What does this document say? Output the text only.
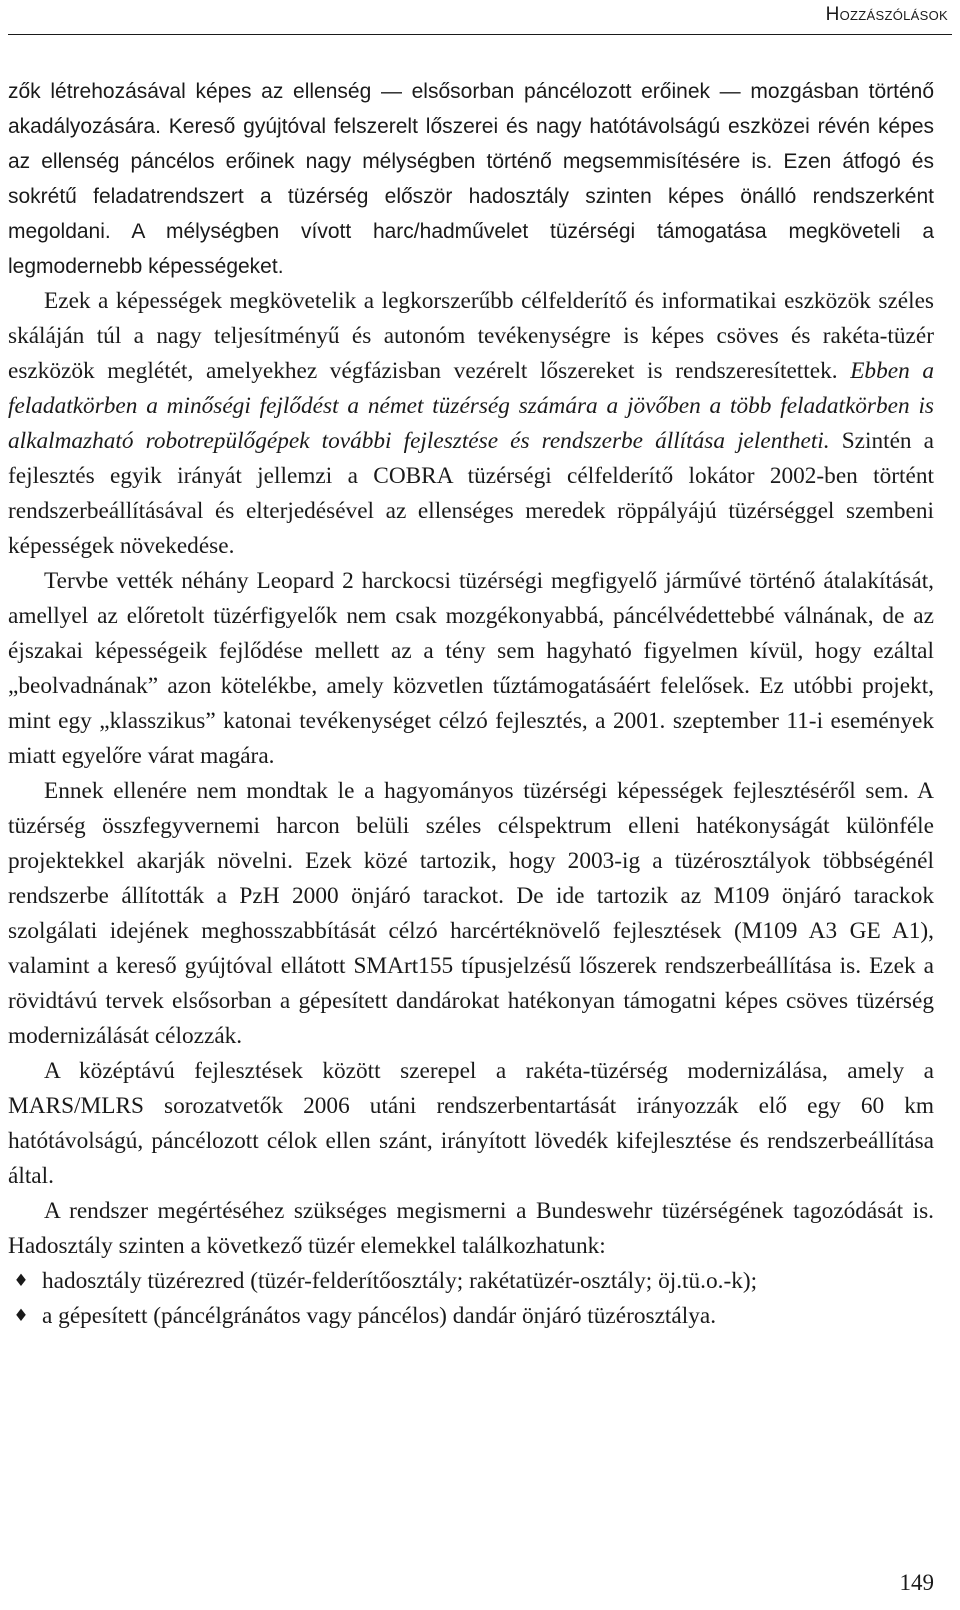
Hozzászólások

zők létrehozásával képes az ellenség — elsősorban páncélozott erőinek — mozgásban történő akadályozására. Kereső gyújtóval felszerelt lőszerei és nagy hatótávolságú eszközei révén képes az ellenség páncélos erőinek nagy mélységben történő megsemmisítésére is. Ezen átfogó és sokrétű feladatrendszert a tüzérség először hadosztály szinten képes önálló rendszerként megoldani. A mélységben vívott harc/hadművelet tüzérségi támogatása megköveteli a legmodernebb képességeket.

Ezek a képességek megkövetelik a legkorszerűbb célfelderítő és informatikai eszközök széles skáláján túl a nagy teljesítményű és autonóm tevékenységre is képes csöves és rakéta-tüzér eszközök meglétét, amelyekhez végfázisban vezérelt lőszereket is rendszeresítettek. Ebben a feladatkörben a minőségi fejlődést a német tüzérség számára a jövőben a több feladatkörben is alkalmazható robotrepülőgépek további fejlesztése és rendszerbe állítása jelentheti. Szintén a fejlesztés egyik irányát jellemzi a COBRA tüzérségi célfelderítő lokátor 2002-ben történt rendszerbeállításával és elterjedésével az ellenséges meredek röppályájú tüzérséggel szembeni képességek növekedése.

Tervbe vették néhány Leopard 2 harckocsi tüzérségi megfigyelő járművé történő átalakítását, amellyel az előretolt tüzérfigyelők nem csak mozgékonyabbá, páncélvédettebbé válnának, de az éjszakai képességeik fejlődése mellett az a tény sem hagyható figyelmen kívül, hogy ezáltal „beolvadnának” azon kötelékbe, amely közvetlen tűztámogatásáért felelősek. Ez utóbbi projekt, mint egy „klasszikus” katonai tevékenységet célzó fejlesztés, a 2001. szeptember 11-i események miatt egyelőre várat magára.

Ennek ellenére nem mondtak le a hagyományos tüzérségi képességek fejlesztéséről sem. A tüzérség összfegyvernemi harcon belüli széles célspektrum elleni hatékonyságát különféle projektekkel akarják növelni. Ezek közé tartozik, hogy 2003-ig a tüzérosztályok többségénél rendszerbe állították a PzH 2000 önjáró tarackot. De ide tartozik az M109 önjáró tarackok szolgálati idejének meghosszabbítását célzó harcértéknövelő fejlesztések (M109 A3 GE A1), valamint a kereső gyújtóval ellátott SMArt155 típusjelzésű lőszerek rendszerbeállítása is. Ezek a rövidtávú tervek elsősorban a gépesített dandárokat hatékonyan támogatni képes csöves tüzérség modernizálását célozzák.

A középtávú fejlesztések között szerepel a rakéta-tüzérség modernizálása, amely a MARS/MLRS sorozatvetők 2006 utáni rendszerbentartását irányozzák elő egy 60 km hatótávolságú, páncélozott célok ellen szánt, irányított lövedék kifejlesztése és rendszerbeállítása által.

A rendszer megértéséhez szükséges megismerni a Bundeswehr tüzérségének tagozódását is. Hadosztály szinten a következő tüzér elemekkel találkozhatunk:

♦ hadosztály tüzérezred (tüzér-felderítőosztály; rakétatüzér-osztály; öj.tü.o.-k);
♦ a gépesített (páncélgránátos vagy páncélos) dandár önjáró tüzérosztálya.
149
